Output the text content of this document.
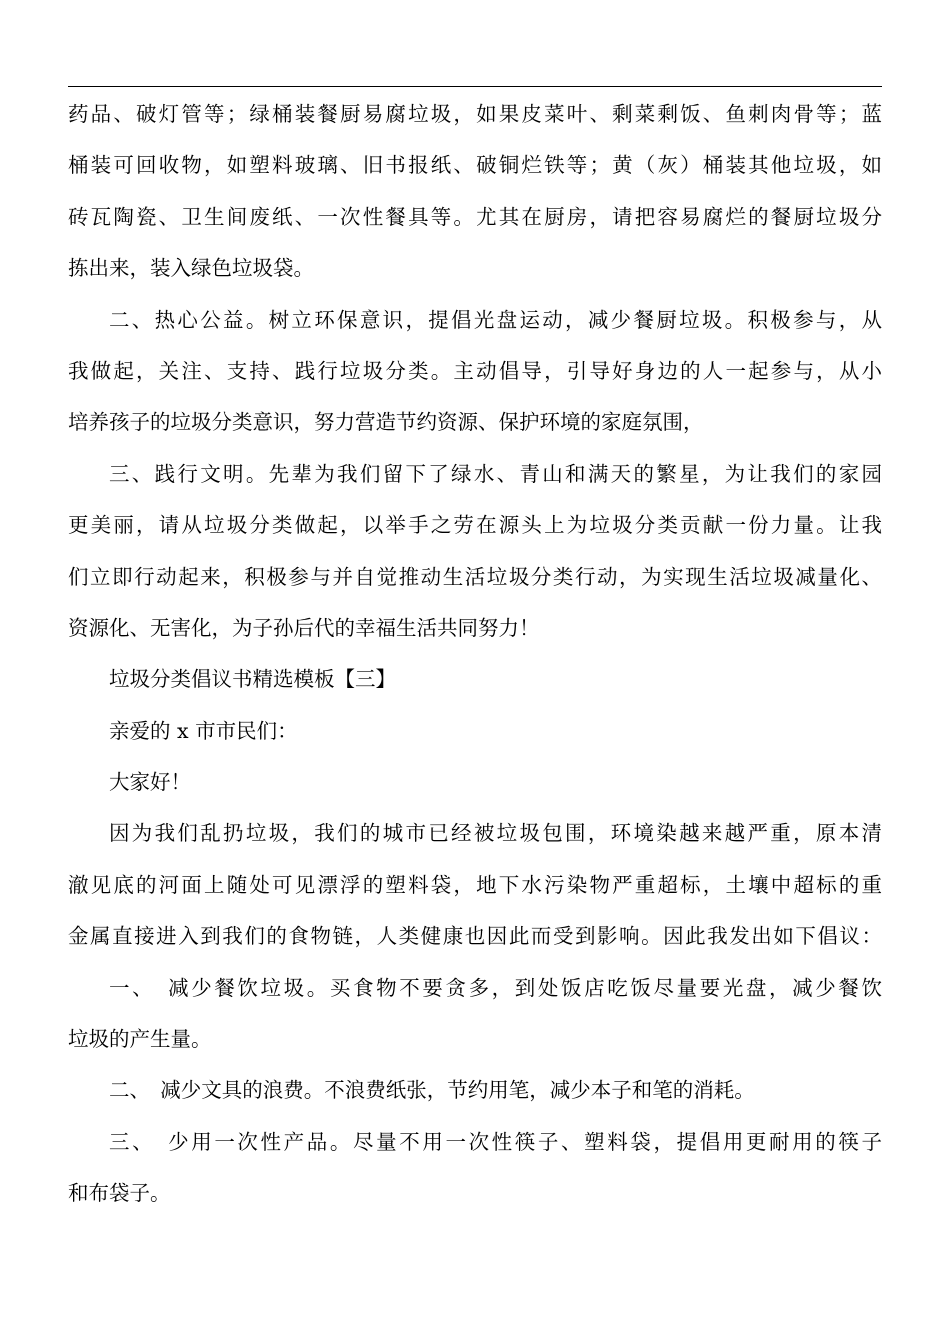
药品、破灯管等；绿桶装餐厨易腐垃圾，如果皮菜叶、剩菜剩饭、鱼刺肉骨等；蓝
桶装可回收物，如塑料玻璃、旧书报纸、破铜烂铁等；黄（灰）桶装其他垃圾，如
砖瓦陶瓷、卫生间废纸、一次性餐具等。尤其在厨房，请把容易腐烂的餐厨垃圾分
拣出来，装入绿色垃圾袋。
二、热心公益。树立环保意识，提倡光盘运动，减少餐厨垃圾。积极参与，从
我做起，关注、支持、践行垃圾分类。主动倡导，引导好身边的人一起参与，从小
培养孩子的垃圾分类意识，努力营造节约资源、保护环境的家庭氛围，
三、践行文明。先辈为我们留下了绿水、青山和满天的繁星，为让我们的家园
更美丽，请从垃圾分类做起，以举手之劳在源头上为垃圾分类贡献一份力量。让我
们立即行动起来，积极参与并自觉推动生活垃圾分类行动，为实现生活垃圾减量化、
资源化、无害化，为子孙后代的幸福生活共同努力！
垃圾分类倡议书精选模板【三】
亲爱的 x 市市民们：
大家好！
因为我们乱扔垃圾，我们的城市已经被垃圾包围，环境染越来越严重，原本清
澈见底的河面上随处可见漂浮的塑料袋，地下水污染物严重超标，土壤中超标的重
金属直接进入到我们的食物链，人类健康也因此而受到影响。因此我发出如下倡议：
一、　减少餐饮垃圾。买食物不要贪多，到处饭店吃饭尽量要光盘，减少餐饮
垃圾的产生量。
二、　减少文具的浪费。不浪费纸张，节约用笔，减少本子和笔的消耗。
三、　少用一次性产品。尽量不用一次性筷子、塑料袋，提倡用更耐用的筷子
和布袋子。
